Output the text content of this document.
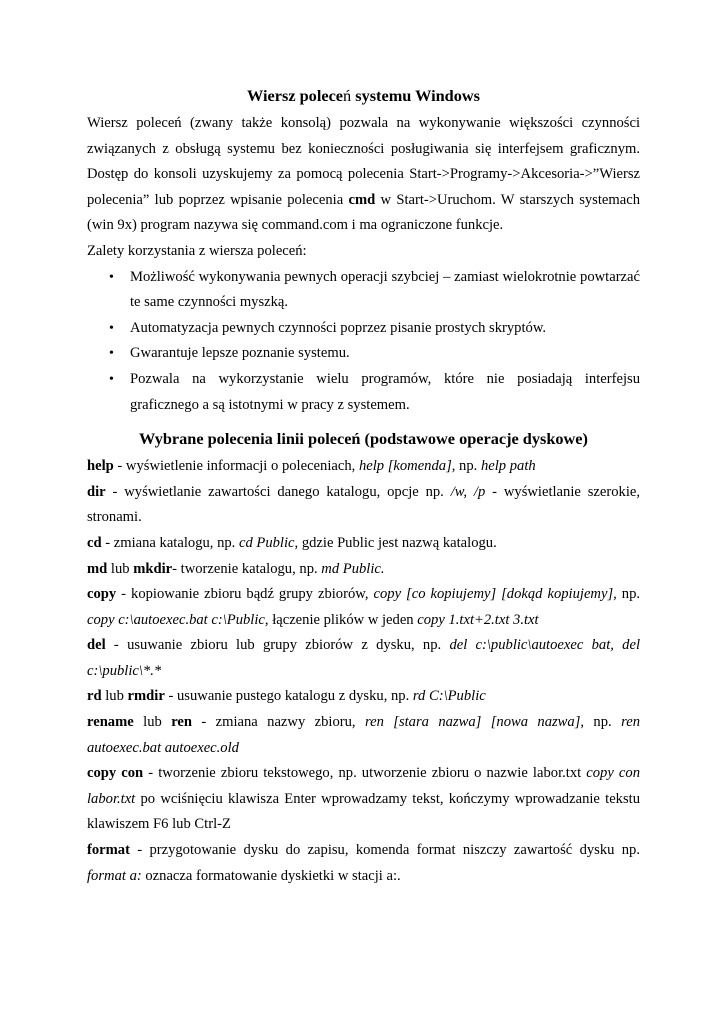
Wiersz poleceń systemu Windows

Wiersz poleceń (zwany także konsolą) pozwala na wykonywanie większości czynności związanych z obsługą systemu bez konieczności posługiwania się interfejsem graficznym. Dostęp do konsoli uzyskujemy za pomocą polecenia Start->Programy->Akcesoria->”Wiersz polecenia” lub poprzez wpisanie polecenia cmd w Start->Uruchom. W starszych systemach (win 9x) program nazywa się command.com i ma ograniczone funkcje.

Zalety korzystania z wiersza poleceń:

• Możliwość wykonywania pewnych operacji szybciej – zamiast wielokrotnie powtarzać te same czynności myszką.
• Automatyzacja pewnych czynności poprzez pisanie prostych skryptów.
• Gwarantuje lepsze poznanie systemu.
• Pozwala na wykorzystanie wielu programów, które nie posiadają interfejsu graficznego a są istotnymi w pracy z systemem.
Wybrane polecenia linii poleceń (podstawowe operacje dyskowe)

help - wyświetlenie informacji o poleceniach, help [komenda], np. help path

dir - wyświetlanie zawartości danego katalogu, opcje np. /w, /p - wyświetlanie szerokie, stronami.

cd - zmiana katalogu, np. cd Public, gdzie Public jest nazwą katalogu.

md lub mkdir- tworzenie katalogu, np. md Public.

copy - kopiowanie zbioru bądź grupy zbiorów, copy [co kopiujemy] [dokąd kopiujemy], np. copy c:\autoexec.bat c:\Public, łączenie plików w jeden copy 1.txt+2.txt 3.txt

del - usuwanie zbioru lub grupy zbiorów z dysku, np. del c:\public\autoexec bat, del c:\public\*.*

rd lub rmdir - usuwanie pustego katalogu z dysku, np. rd C:\Public

rename lub ren - zmiana nazwy zbioru, ren [stara nazwa] [nowa nazwa], np. ren autoexec.bat autoexec.old

copy con - tworzenie zbioru tekstowego, np. utworzenie zbioru o nazwie labor.txt copy con labor.txt po wciśnięciu klawisza Enter wprowadzamy tekst, kończymy wprowadzanie tekstu klawiszem F6 lub Ctrl-Z

format - przygotowanie dysku do zapisu, komenda format niszczy zawartość dysku np. format a: oznacza formatowanie dyskietki w stacji a:.
